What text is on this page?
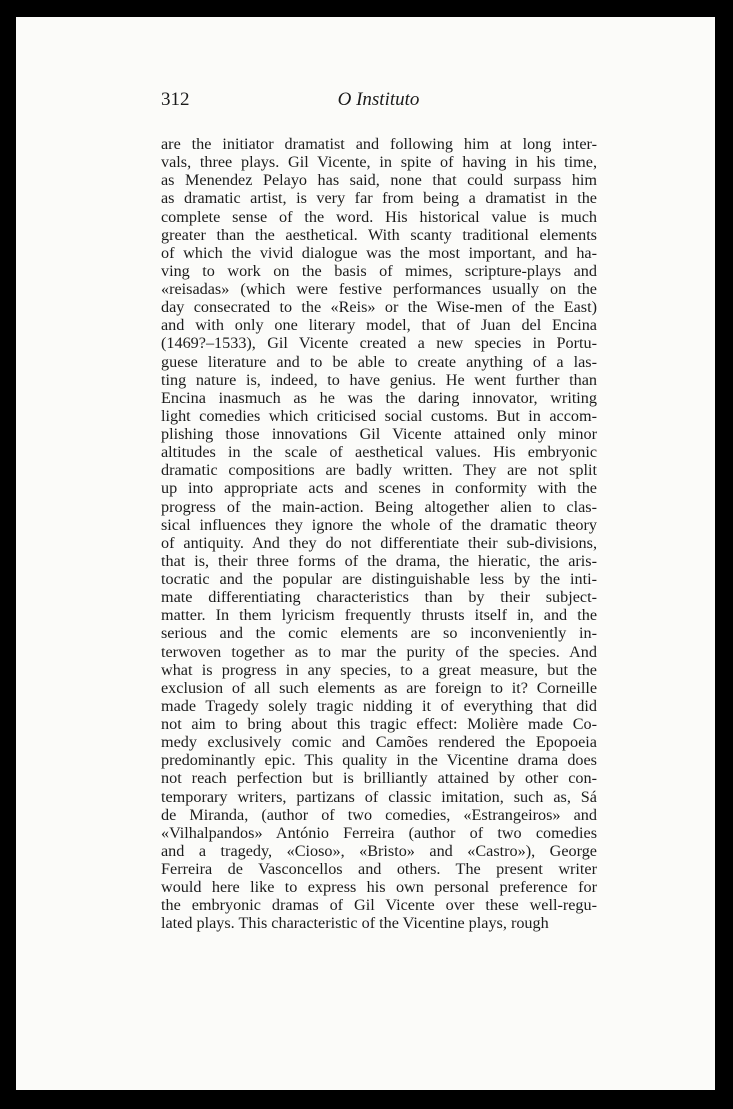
312	O Instituto
are the initiator dramatist and following him at long inter-
vals, three plays. Gil Vicente, in spite of having in his time,
as Menendez Pelayo has said, none that could surpass him
as dramatic artist, is very far from being a dramatist in the
complete sense of the word. His historical value is much
greater than the aesthetical. With scanty traditional elements
of which the vivid dialogue was the most important, and ha-
ving to work on the basis of mimes, scripture-plays and
«reisadas» (which were festive performances usually on the
day consecrated to the «Reis» or the Wise-men of the East)
and with only one literary model, that of Juan del Encina
(1469?–1533), Gil Vicente created a new species in Portu-
guese literature and to be able to create anything of a las-
ting nature is, indeed, to have genius. He went further than
Encina inasmuch as he was the daring innovator, writing
light comedies which criticised social customs. But in accom-
plishing those innovations Gil Vicente attained only minor
altitudes in the scale of aesthetical values. His embryonic
dramatic compositions are badly written. They are not split
up into appropriate acts and scenes in conformity with the
progress of the main-action. Being altogether alien to clas-
sical influences they ignore the whole of the dramatic theory
of antiquity. And they do not differentiate their sub-divisions,
that is, their three forms of the drama, the hieratic, the aris-
tocratic and the popular are distinguishable less by the inti-
mate differentiating characteristics than by their subject-
matter. In them lyricism frequently thrusts itself in, and the
serious and the comic elements are so inconveniently in-
terwoven together as to mar the purity of the species. And
what is progress in any species, to a great measure, but the
exclusion of all such elements as are foreign to it? Corneille
made Tragedy solely tragic nidding it of everything that did
not aim to bring about this tragic effect: Molière made Co-
medy exclusively comic and Camões rendered the Epopoeia
predominantly epic. This quality in the Vicentine drama does
not reach perfection but is brilliantly attained by other con-
temporary writers, partizans of classic imitation, such as, Sá
de Miranda, (author of two comedies, «Estrangeiros» and
«Vilhalpandos» António Ferreira (author of two comedies
and a tragedy, «Cioso», «Bristo» and «Castro»), George
Ferreira de Vasconcellos and others. The present writer
would here like to express his own personal preference for
the embryonic dramas of Gil Vicente over these well-regu-
lated plays. This characteristic of the Vicentine plays, rough
